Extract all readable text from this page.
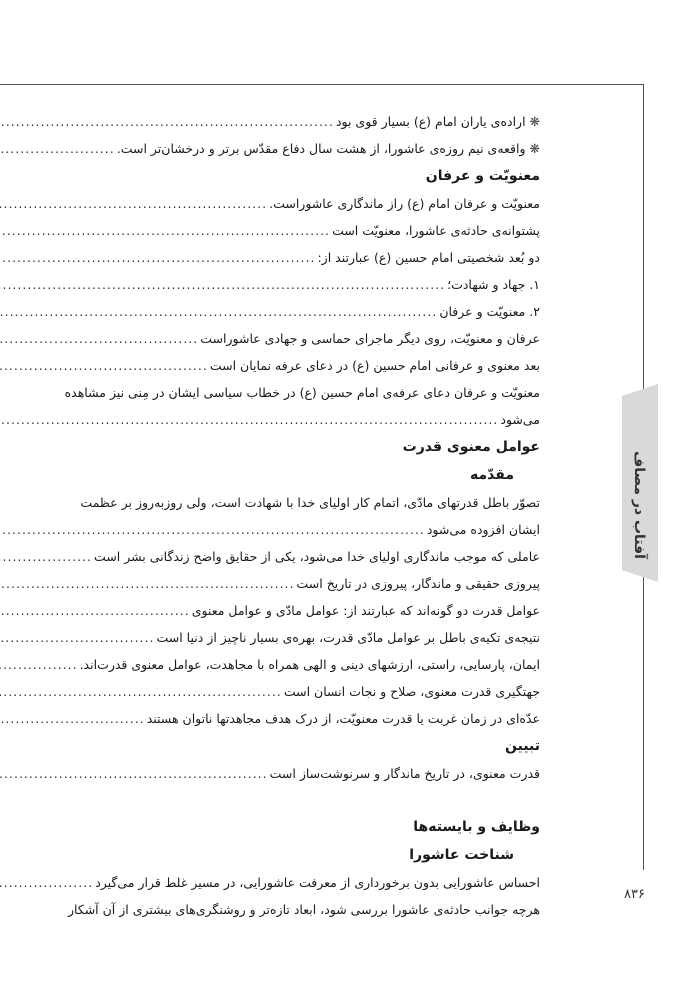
آفتاب در مصاف
❋ اراده‌ی یاران امام (ع) بسیار قوی بود
.....
❋ واقعه‌ی نیم روزه‌ی عاشورا، از هشت سال دفاع مقدّس برتر و درخشان‌تر است.
.....
معنویّت و عرفان
معنویّت و عرفان امام (ع) راز ماندگاری عاشوراست.
.....
پشتوانه‌ی حادثه‌ی عاشورا، معنویّت است
.....
دو بُعد شخصیتی امام حسین (ع) عبارتند از:
.....
۱. جهاد و شهادت؛
.....
۲. معنویّت و عرفان
.....
عرفان و معنویّت، روی دیگر ماجرای حماسی و جهادی عاشوراست
.....
بعد معنوی و عرفانی امام حسین (ع) در دعای عرفه نمایان است
.....
معنویّت و عرفان دعای عرفه‌ی امام حسین (ع) در خطاب سیاسی ایشان در مِنی نیز مشاهده
می‌شود
.....
عوامل معنوی قدرت
مقدّمه
تصوّر باطل قدرتهای مادّی، اتمام کار اولیای خدا با شهادت است، ولی روزبه‌روز بر عظمت
ایشان افزوده می‌شود
.....
عاملی که موجب ماندگاری اولیای خدا می‌شود، یکی از حقایق واضح زندگانی بشر است
.....
پیروزی حقیقی و ماندگار، پیروزی در تاریخ است
.....
عوامل قدرت دو گونه‌اند که عبارتند از: عوامل مادّی و عوامل معنوی
.....
نتیجه‌ی تکیه‌ی باطل بر عوامل مادّی قدرت، بهره‌ی بسیار ناچیز از دنیا است
.....
ایمان، پارسایی، راستی، ارزشهای دینی و الهی همراه با مجاهدت، عوامل معنوی قدرت‌اند.
.....
جهتگیری قدرت معنوی، صلاح و نجات انسان است
.....
عدّه‌ای در زمان غربت یا قدرت معنویّت، از درک هدف مجاهدتها ناتوان هستند
.....
تبیین
قدرت معنوی، در تاریخ ماندگار و سرنوشت‌ساز است
.....
وظایف و بایسته‌ها
شناخت عاشورا
احساس عاشورایی بدون برخورداری از معرفت عاشورایی، در مسیر غلط قرار می‌گیرد
.....
هرچه جوانب حادثه‌ی عاشورا بررسی شود، ابعاد تازه‌تر و روشنگری‌های بیشتری از آن آشکار
۸۳۶
